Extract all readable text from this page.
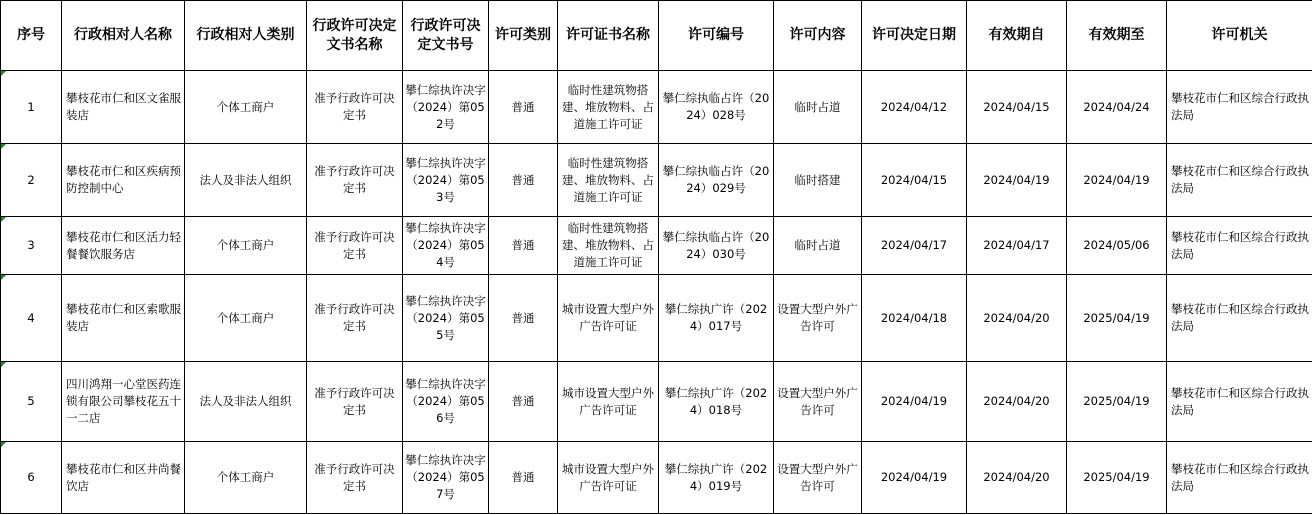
序号	行政相对人名称	行政相对人类别	行政许可决定文书名称	行政许可决定文书号	许可类别	许可证书名称	许可编号	许可内容	许可决定日期	有效期自	有效期至	许可机关
1	攀枝花市仁和区文雀服装店	个体工商户	准予行政许可决定书	攀仁综执许决字（2024）第052号	普通	临时性建筑物搭建、堆放物料、占道施工许可证	攀仁综执临占许（2024）028号	临时占道	2024/04/12	2024/04/15	2024/04/24	攀枝花市仁和区综合行政执法局
2	攀枝花市仁和区疾病预防控制中心	法人及非法人组织	准予行政许可决定书	攀仁综执许决字（2024）第053号	普通	临时性建筑物搭建、堆放物料、占道施工许可证	攀仁综执临占许（2024）029号	临时搭建	2024/04/15	2024/04/19	2024/04/19	攀枝花市仁和区综合行政执法局
3	攀枝花市仁和区活力轻餐餐饮服务店	个体工商户	准予行政许可决定书	攀仁综执许决字（2024）第054号	普通	临时性建筑物搭建、堆放物料、占道施工许可证	攀仁综执临占许（2024）030号	临时占道	2024/04/17	2024/04/17	2024/05/06	攀枝花市仁和区综合行政执法局
4	攀枝花市仁和区索歌服装店	个体工商户	准予行政许可决定书	攀仁综执许决字（2024）第055号	普通	城市设置大型户外广告许可证	攀仁综执广许（2024）017号	设置大型户外广告许可	2024/04/18	2024/04/20	2025/04/19	攀枝花市仁和区综合行政执法局
5	四川鸿翔一心堂医药连锁有限公司攀枝花五十一二店	法人及非法人组织	准予行政许可决定书	攀仁综执许决字（2024）第056号	普通	城市设置大型户外广告许可证	攀仁综执广许（2024）018号	设置大型户外广告许可	2024/04/19	2024/04/20	2025/04/19	攀枝花市仁和区综合行政执法局
6	攀枝花市仁和区井尚餐饮店	个体工商户	准予行政许可决定书	攀仁综执许决字（2024）第057号	普通	城市设置大型户外广告许可证	攀仁综执广许（2024）019号	设置大型户外广告许可	2024/04/19	2024/04/20	2025/04/19	攀枝花市仁和区综合行政执法局
